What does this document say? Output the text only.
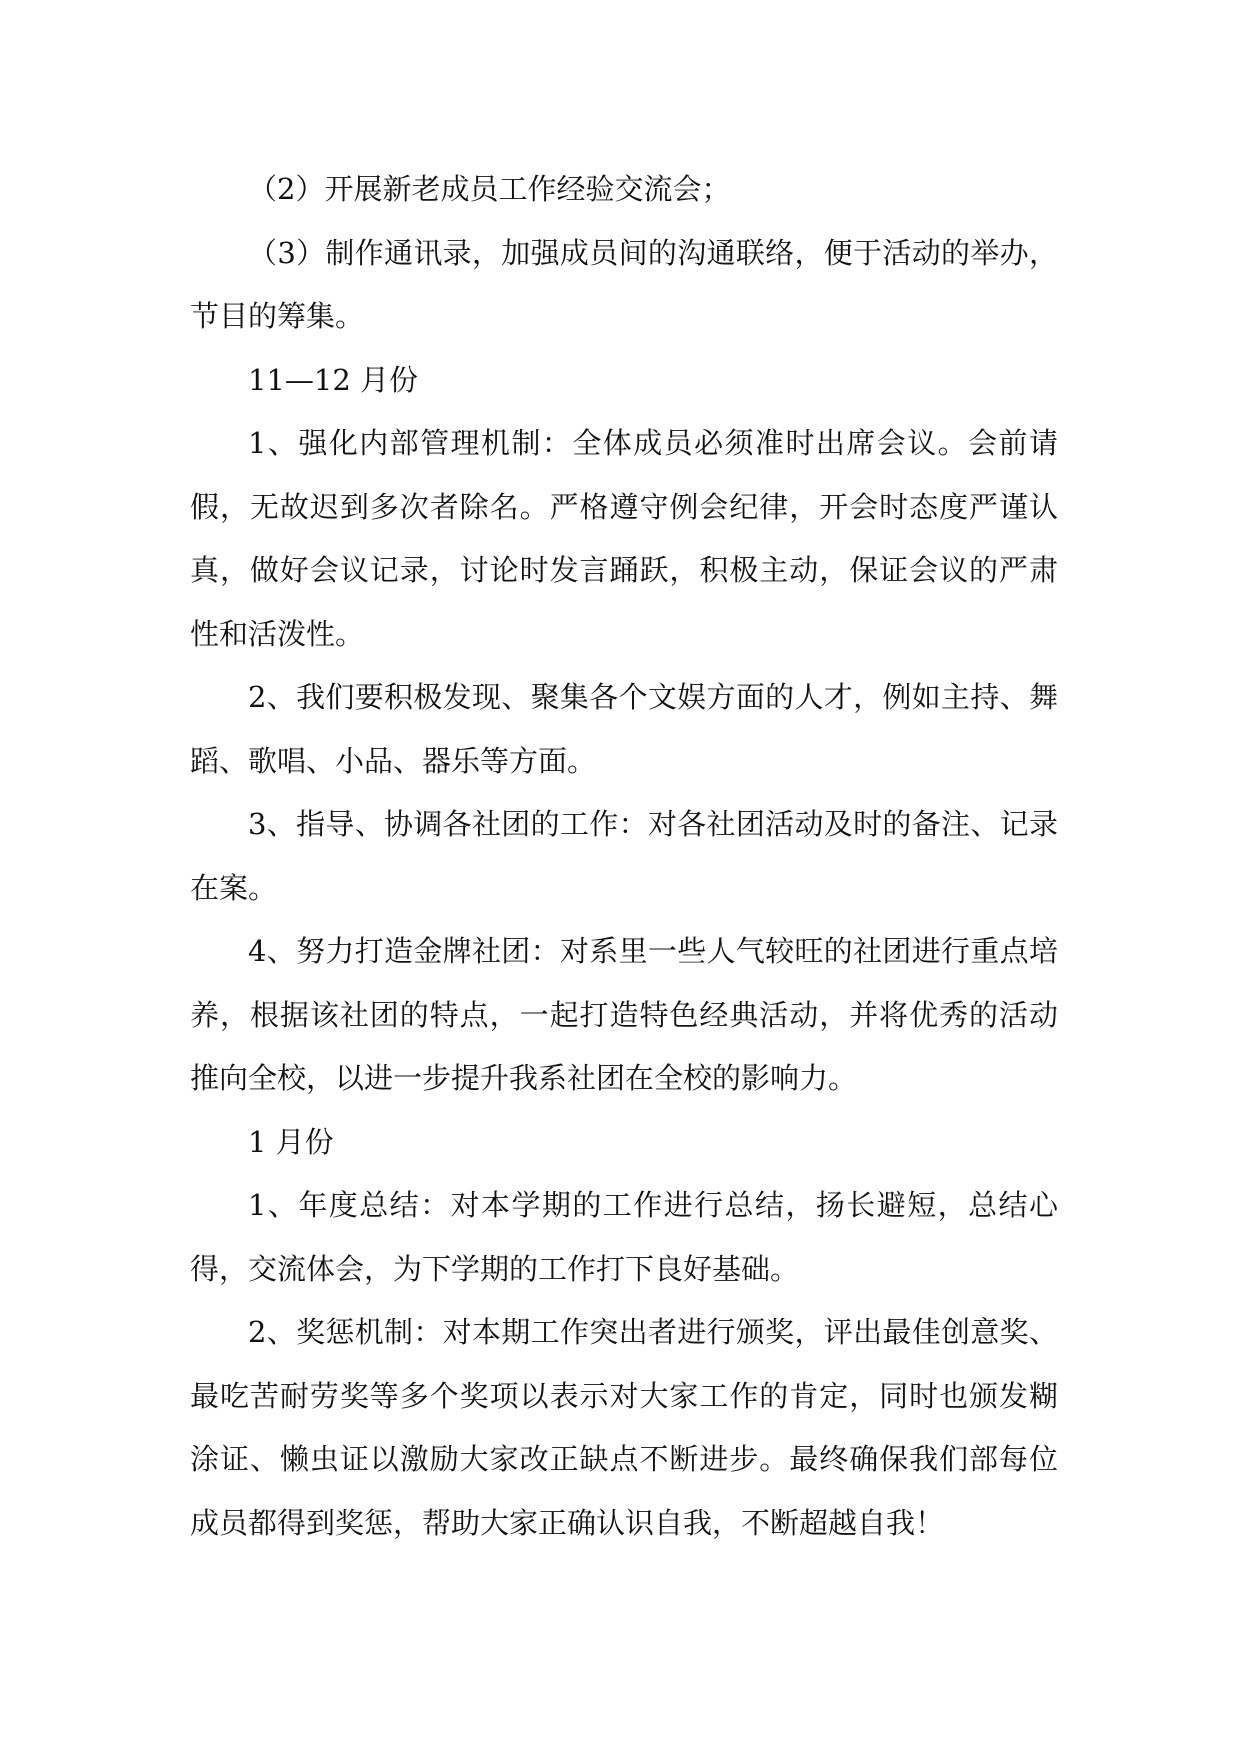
（2）开展新老成员工作经验交流会；

（3）制作通讯录，加强成员间的沟通联络，便于活动的举办，节目的筹集。

11—12 月份

1、强化内部管理机制：全体成员必须准时出席会议。会前请假，无故迟到多次者除名。严格遵守例会纪律，开会时态度严谨认真，做好会议记录，讨论时发言踊跃，积极主动，保证会议的严肃性和活泼性。

2、我们要积极发现、聚集各个文娱方面的人才，例如主持、舞蹈、歌唱、小品、器乐等方面。

3、指导、协调各社团的工作：对各社团活动及时的备注、记录在案。

4、努力打造金牌社团：对系里一些人气较旺的社团进行重点培养，根据该社团的特点，一起打造特色经典活动，并将优秀的活动推向全校，以进一步提升我系社团在全校的影响力。

1 月份

1、年度总结：对本学期的工作进行总结，扬长避短，总结心得，交流体会，为下学期的工作打下良好基础。

2、奖惩机制：对本期工作突出者进行颁奖，评出最佳创意奖、最吃苦耐劳奖等多个奖项以表示对大家工作的肯定，同时也颁发糊涂证、懒虫证以激励大家改正缺点不断进步。最终确保我们部每位成员都得到奖惩，帮助大家正确认识自我，不断超越自我！
